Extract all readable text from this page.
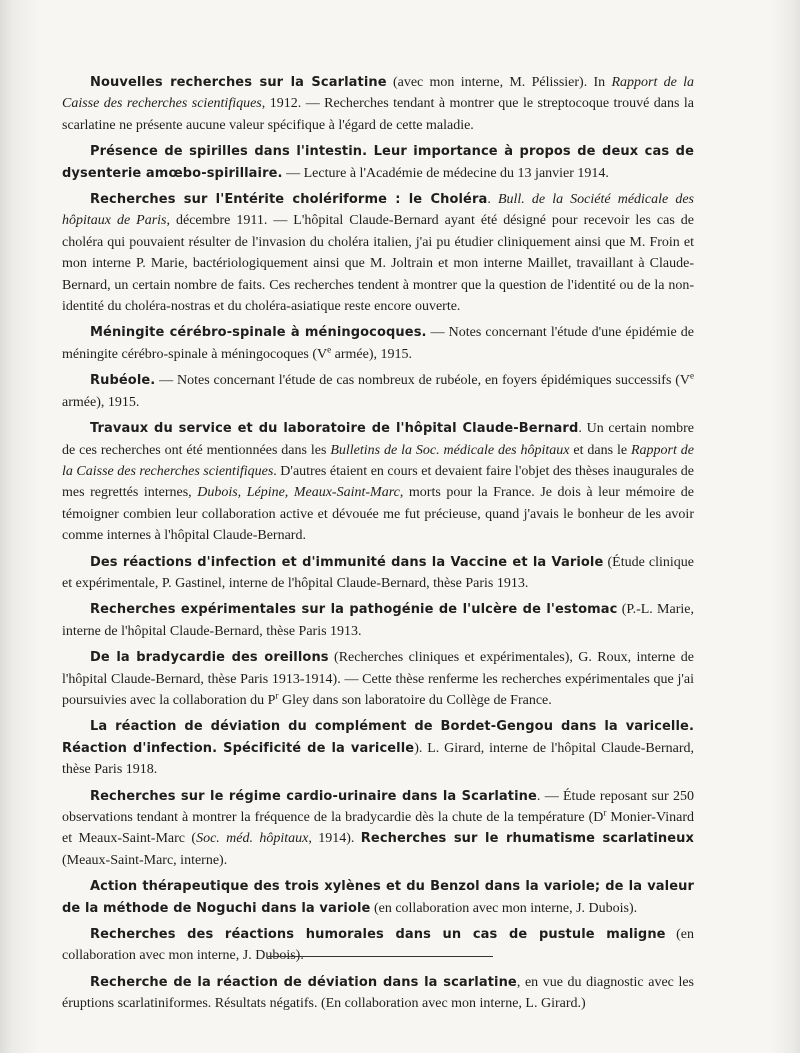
Nouvelles recherches sur la Scarlatine (avec mon interne, M. Pélissier). In Rapport de la Caisse des recherches scientifiques, 1912. — Recherches tendant à montrer que le streptocoque trouvé dans la scarlatine ne présente aucune valeur spécifique à l'égard de cette maladie.

Présence de spirilles dans l'intestin. Leur importance à propos de deux cas de dysenterie amœbo-spirillaire. — Lecture à l'Académie de médecine du 13 janvier 1914.

Recherches sur l'Entérite cholériforme : le Choléra. Bull. de la Société médicale des hôpitaux de Paris, décembre 1911. — L'hôpital Claude-Bernard ayant été désigné pour recevoir les cas de choléra qui pouvaient résulter de l'invasion du choléra italien, j'ai pu étudier cliniquement ainsi que M. Froin et mon interne P. Marie, bactériologiquement ainsi que M. Joltrain et mon interne Maillet, travaillant à Claude-Bernard, un certain nombre de faits. Ces recherches tendent à montrer que la question de l'identité ou de la non-identité du choléra-nostras et du choléra-asiatique reste encore ouverte.

Méningite cérébro-spinale à méningocoques. — Notes concernant l'étude d'une épidémie de méningite cérébro-spinale à méningocoques (Ve armée), 1915.

Rubéole. — Notes concernant l'étude de cas nombreux de rubéole, en foyers épidémiques successifs (Ve armée), 1915.

Travaux du service et du laboratoire de l'hôpital Claude-Bernard. Un certain nombre de ces recherches ont été mentionnées dans les Bulletins de la Soc. médicale des hôpitaux et dans le Rapport de la Caisse des recherches scientifiques. D'autres étaient en cours et devaient faire l'objet des thèses inaugurales de mes regrettés internes, Dubois, Lépine, Meaux-Saint-Marc, morts pour la France. Je dois à leur mémoire de témoigner combien leur collaboration active et dévouée me fut précieuse, quand j'avais le bonheur de les avoir comme internes à l'hôpital Claude-Bernard.

Des réactions d'infection et d'immunité dans la Vaccine et la Variole (Étude clinique et expérimentale, P. Gastinel, interne de l'hôpital Claude-Bernard, thèse Paris 1913.

Recherches expérimentales sur la pathogénie de l'ulcère de l'estomac (P.-L. Marie, interne de l'hôpital Claude-Bernard, thèse Paris 1913.

De la bradycardie des oreillons (Recherches cliniques et expérimentales), G. Roux, interne de l'hôpital Claude-Bernard, thèse Paris 1913-1914). — Cette thèse renferme les recherches expérimentales que j'ai poursuivies avec la collaboration du $P^r$ Gley dans son laboratoire du Collège de France.

La réaction de déviation du complément de Bordet-Gengou dans la varicelle. Réaction d'infection. Spécificité de la varicelle). L. Girard, interne de l'hôpital Claude-Bernard, thèse Paris 1918.

Recherches sur le régime cardio-urinaire dans la Scarlatine. — Étude reposant sur 250 observations tendant à montrer la fréquence de la bradycardie dès la chute de la température ($D^r$ Monier-Vinard et Meaux-Saint-Marc (Soc. méd. hôpitaux, 1914). Recherches sur le rhumatisme scarlatineux (Meaux-Saint-Marc, interne).

Action thérapeutique des trois xylènes et du Benzol dans la variole; de la valeur de la méthode de Noguchi dans la variole (en collaboration avec mon interne, J. Dubois).

Recherches des réactions humorales dans un cas de pustule maligne (en collaboration avec mon interne, J. Dubois).

Recherche de la réaction de déviation dans la scarlatine, en vue du diagnostic avec les éruptions scarlatiniformes. Résultats négatifs. (En collaboration avec mon interne, L. Girard.)
